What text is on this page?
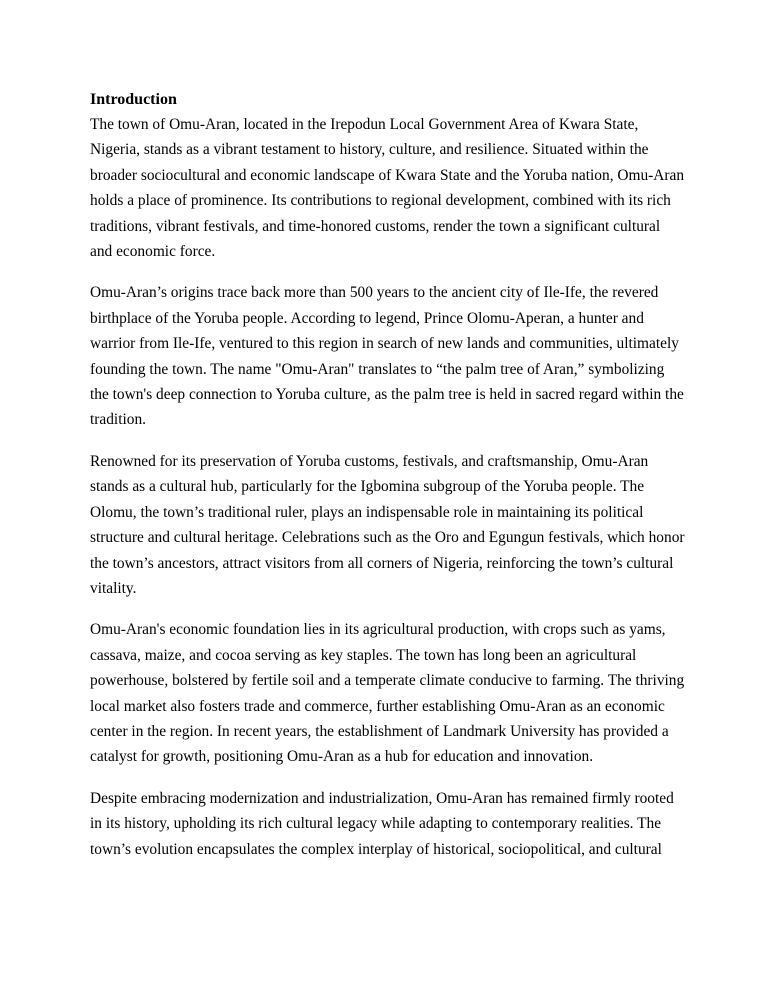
Introduction

The town of Omu-Aran, located in the Irepodun Local Government Area of Kwara State, Nigeria, stands as a vibrant testament to history, culture, and resilience. Situated within the broader sociocultural and economic landscape of Kwara State and the Yoruba nation, Omu-Aran holds a place of prominence. Its contributions to regional development, combined with its rich traditions, vibrant festivals, and time-honored customs, render the town a significant cultural and economic force.

Omu-Aran’s origins trace back more than 500 years to the ancient city of Ile-Ife, the revered birthplace of the Yoruba people. According to legend, Prince Olomu-Aperan, a hunter and warrior from Ile-Ife, ventured to this region in search of new lands and communities, ultimately founding the town. The name "Omu-Aran" translates to “the palm tree of Aran,” symbolizing the town's deep connection to Yoruba culture, as the palm tree is held in sacred regard within the tradition.

Renowned for its preservation of Yoruba customs, festivals, and craftsmanship, Omu-Aran stands as a cultural hub, particularly for the Igbomina subgroup of the Yoruba people. The Olomu, the town’s traditional ruler, plays an indispensable role in maintaining its political structure and cultural heritage. Celebrations such as the Oro and Egungun festivals, which honor the town’s ancestors, attract visitors from all corners of Nigeria, reinforcing the town’s cultural vitality.

Omu-Aran's economic foundation lies in its agricultural production, with crops such as yams, cassava, maize, and cocoa serving as key staples. The town has long been an agricultural powerhouse, bolstered by fertile soil and a temperate climate conducive to farming. The thriving local market also fosters trade and commerce, further establishing Omu-Aran as an economic center in the region. In recent years, the establishment of Landmark University has provided a catalyst for growth, positioning Omu-Aran as a hub for education and innovation.

Despite embracing modernization and industrialization, Omu-Aran has remained firmly rooted in its history, upholding its rich cultural legacy while adapting to contemporary realities. The town’s evolution encapsulates the complex interplay of historical, sociopolitical, and cultural
